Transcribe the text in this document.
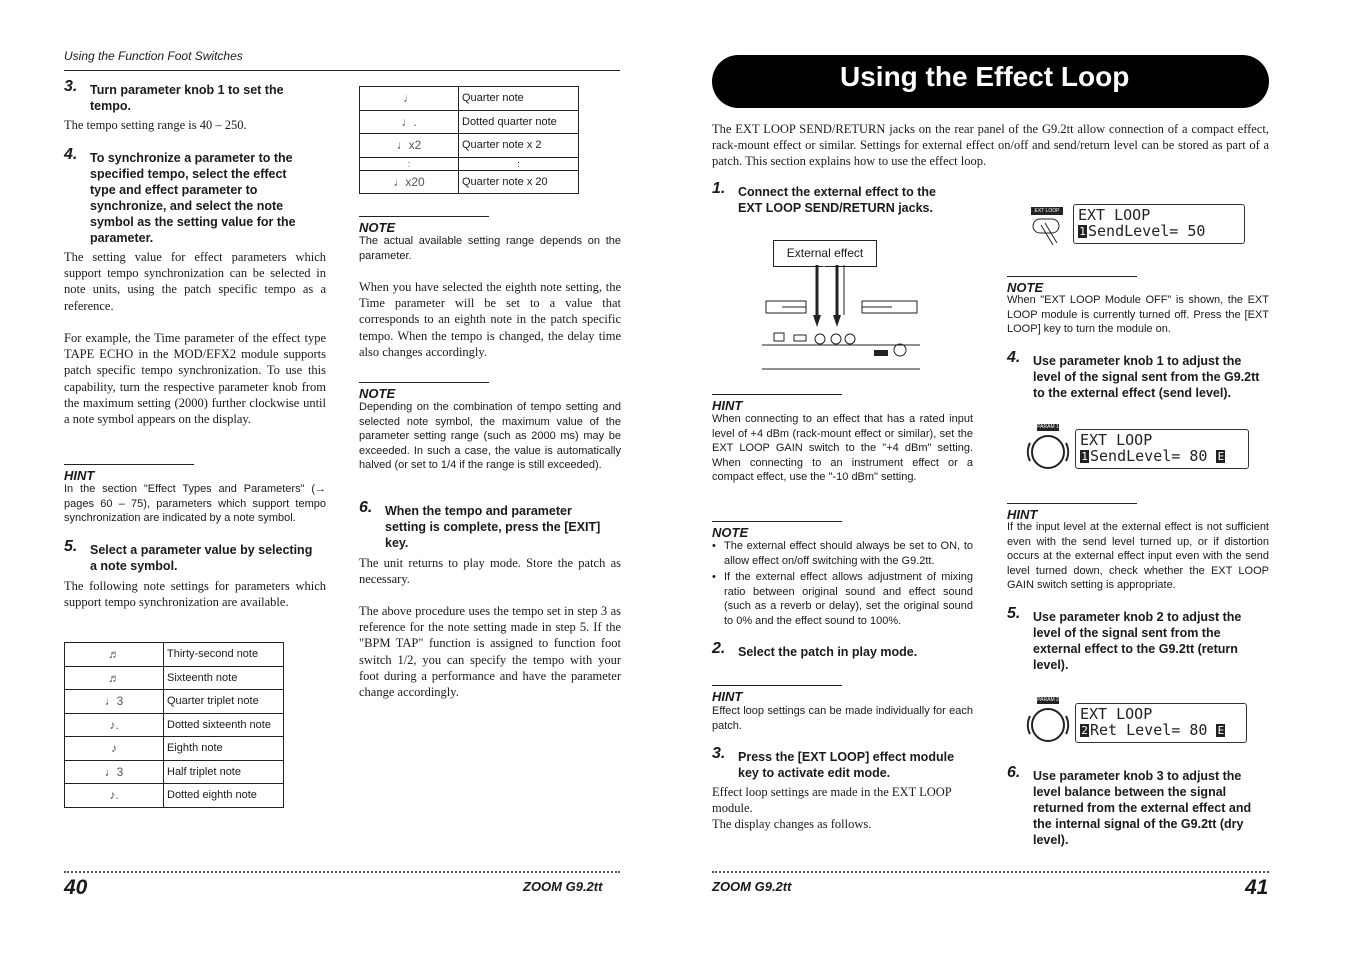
Using the Function Foot Switches
3. Turn parameter knob 1 to set the
tempo.
The tempo setting range is 40 – 250.
4. To synchronize a parameter to the
specified tempo, select the effect
type and effect parameter to
synchronize, and select the note
symbol as the setting value for the
parameter.
The setting value for effect parameters which support tempo synchronization can be selected in note units, using the patch specific tempo as a reference.
For example, the Time parameter of the effect type TAPE ECHO in the MOD/EFX2 module supports patch specific tempo synchronization. To use this capability, turn the respective parameter knob from the maximum setting (2000) further clockwise until a note symbol appears on the display.
HINT
In the section "Effect Types and Parameters" (→ pages 60 – 75), parameters which support tempo synchronization are indicated by a note symbol.
5. Select a parameter value by selecting
a note symbol.
The following note settings for parameters which support tempo synchronization are available.
♬	Thirty-second note
♬	Sixteenth note
♩3	Quarter triplet note
♪.	Dotted sixteenth note
♪	Eighth note
♩3	Half triplet note
♪.	Dotted eighth note
♩	Quarter note
♩.	Dotted quarter note
♩x2	Quarter note x 2
:	:
♩x20	Quarter note x 20
NOTE
The actual available setting range depends on the parameter.
When you have selected the eighth note setting, the Time parameter will be set to a value that corresponds to an eighth note in the patch specific tempo. When the tempo is changed, the delay time also changes accordingly.
NOTE
Depending on the combination of tempo setting and selected note symbol, the maximum value of the parameter setting range (such as 2000 ms) may be exceeded. In such a case, the value is automatically halved (or set to 1/4 if the range is still exceeded).
6. When the tempo and parameter
setting is complete, press the [EXIT]
key.
The unit returns to play mode. Store the patch as necessary.
The above procedure uses the tempo set in step 3 as reference for the note setting made in step 5. If the "BPM TAP" function is assigned to function foot switch 1/2, you can specify the tempo with your foot during a performance and have the parameter change accordingly.
40	ZOOM G9.2tt
Using the Effect Loop
The EXT LOOP SEND/RETURN jacks on the rear panel of the G9.2tt allow connection of a compact effect, rack-mount effect or similar. Settings for external effect on/off and send/return level can be stored as part of a patch. This section explains how to use the effect loop.
1. Connect the external effect to the
EXT LOOP SEND/RETURN jacks.
External effect
HINT
When connecting to an effect that has a rated input level of +4 dBm (rack-mount effect or similar), set the EXT LOOP GAIN switch to the "+4 dBm" setting. When connecting to an instrument effect or a compact effect, use the "-10 dBm" setting.
NOTE
• The external effect should always be set to ON, to allow effect on/off switching with the G9.2tt.
• If the external effect allows adjustment of mixing ratio between original sound and effect sound (such as a reverb or delay), set the original sound to 0% and the effect sound to 100%.
2. Select the patch in play mode.
HINT
Effect loop settings can be made individually for each patch.
3. Press the [EXT LOOP] effect module
key to activate edit mode.
Effect loop settings are made in the EXT LOOP module.
The display changes as follows.
EXT LOOP EXT LOOP
1 SendLevel= 50
NOTE
When "EXT LOOP Module OFF" is shown, the EXT LOOP module is currently turned off. Press the [EXT LOOP] key to turn the module on.
4. Use parameter knob 1 to adjust the
level of the signal sent from the G9.2tt
to the external effect (send level).
PARAM 1
EXT LOOP
1 SendLevel= 80 E
HINT
If the input level at the external effect is not sufficient even with the send level turned up, or if distortion occurs at the external effect input even with the send level turned down, check whether the EXT LOOP GAIN switch setting is appropriate.
5. Use parameter knob 2 to adjust the
level of the signal sent from the
external effect to the G9.2tt (return
level).
PARAM 2
EXT LOOP
2 Ret Level= 80 E
6. Use parameter knob 3 to adjust the
level balance between the signal
returned from the external effect and
the internal signal of the G9.2tt (dry
level).
ZOOM G9.2tt	41
